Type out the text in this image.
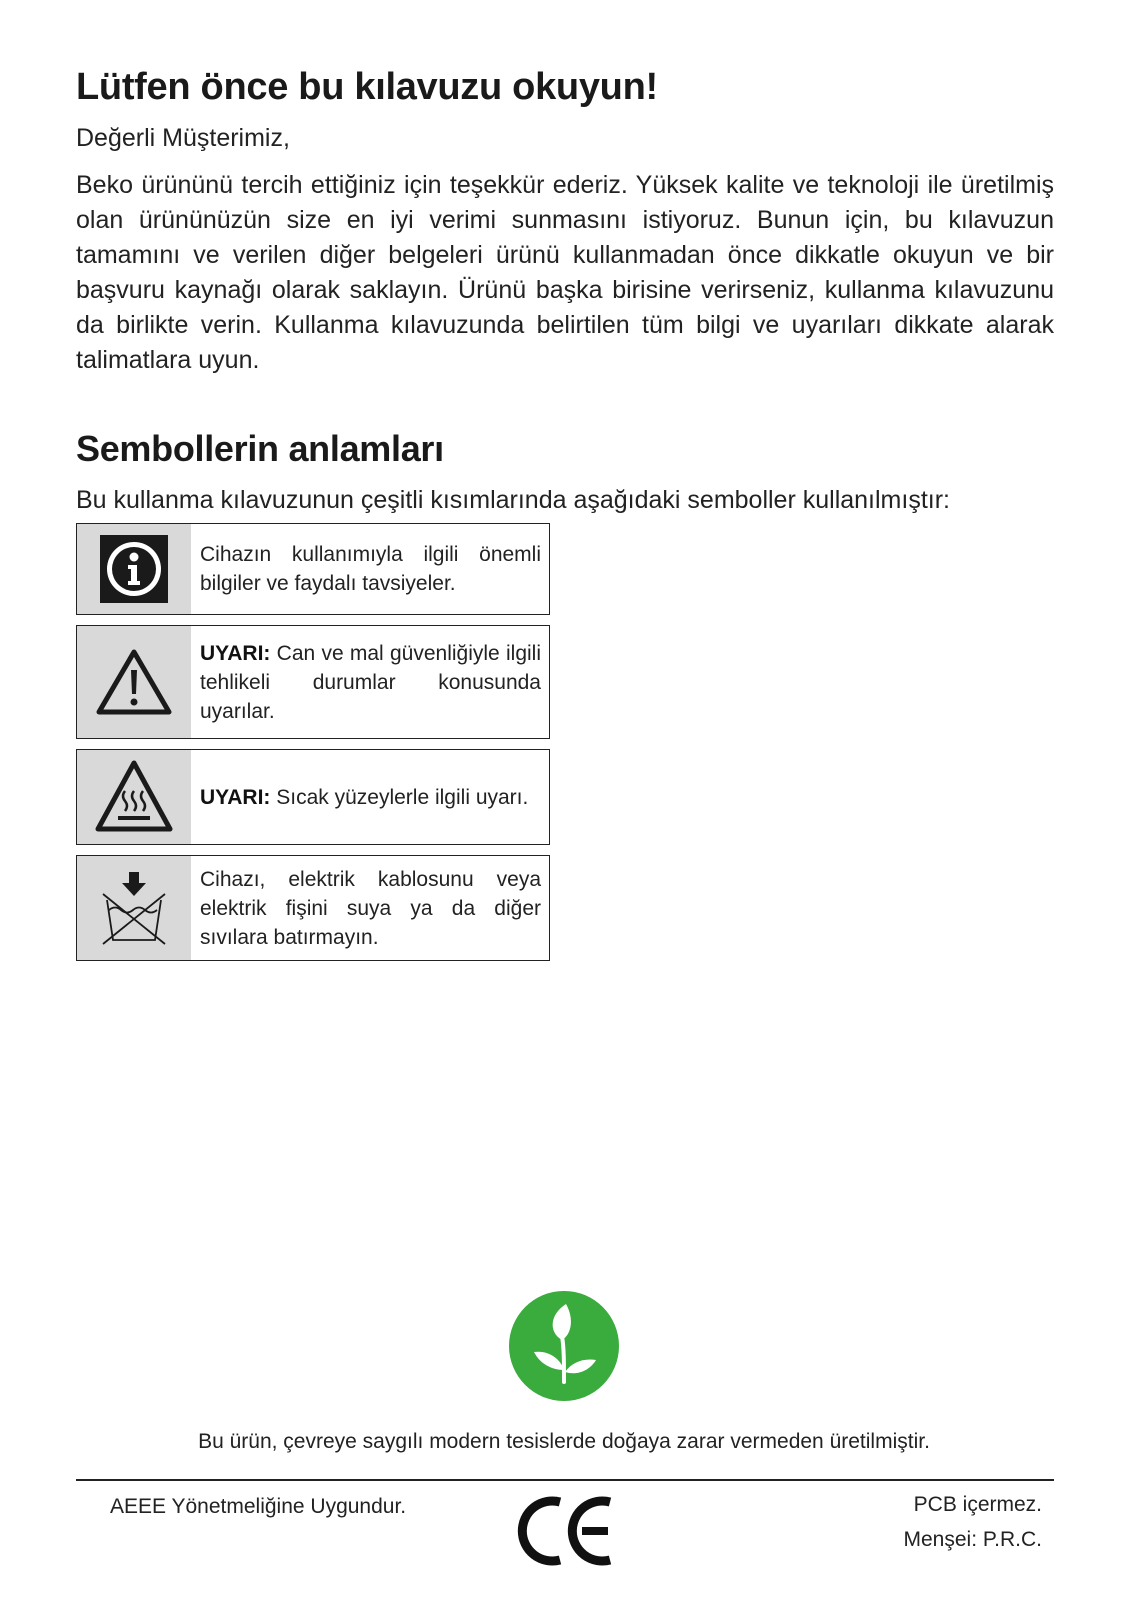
Lütfen önce bu kılavuzu okuyun!

Değerli Müşterimiz,

Beko ürününü tercih ettiğiniz için teşekkür ederiz. Yüksek kalite ve teknoloji ile üretilmiş olan ürününüzün size en iyi verimi sunmasını istiyoruz. Bunun için, bu kılavuzun tamamını ve verilen diğer belgeleri ürünü kullanmadan önce dikkatle okuyun ve bir başvuru kaynağı olarak saklayın. Ürünü başka birisine verirseniz, kullanma kılavuzunu da birlikte verin. Kullanma kılavuzunda belirtilen tüm bilgi ve uyarıları dikkate alarak talimatlara uyun.

Sembollerin anlamları

Bu kullanma kılavuzunun çeşitli kısımlarında aşağıdaki semboller kullanılmıştır:

Cihazın kullanımıyla ilgili önemli bilgiler ve faydalı tavsiyeler.

UYARI: Can ve mal güvenliğiyle ilgili tehlikeli durumlar konusunda uyarılar.

UYARI: Sıcak yüzeylerle ilgili uyarı.

Cihazı, elektrik kablosunu veya elektrik fişini suya ya da diğer sıvılara batırmayın.

Bu ürün, çevreye saygılı modern tesislerde doğaya zarar vermeden üretilmiştir.

AEEE Yönetmeliğine Uygundur.	PCB içermez.

Menşei: P.R.C.
